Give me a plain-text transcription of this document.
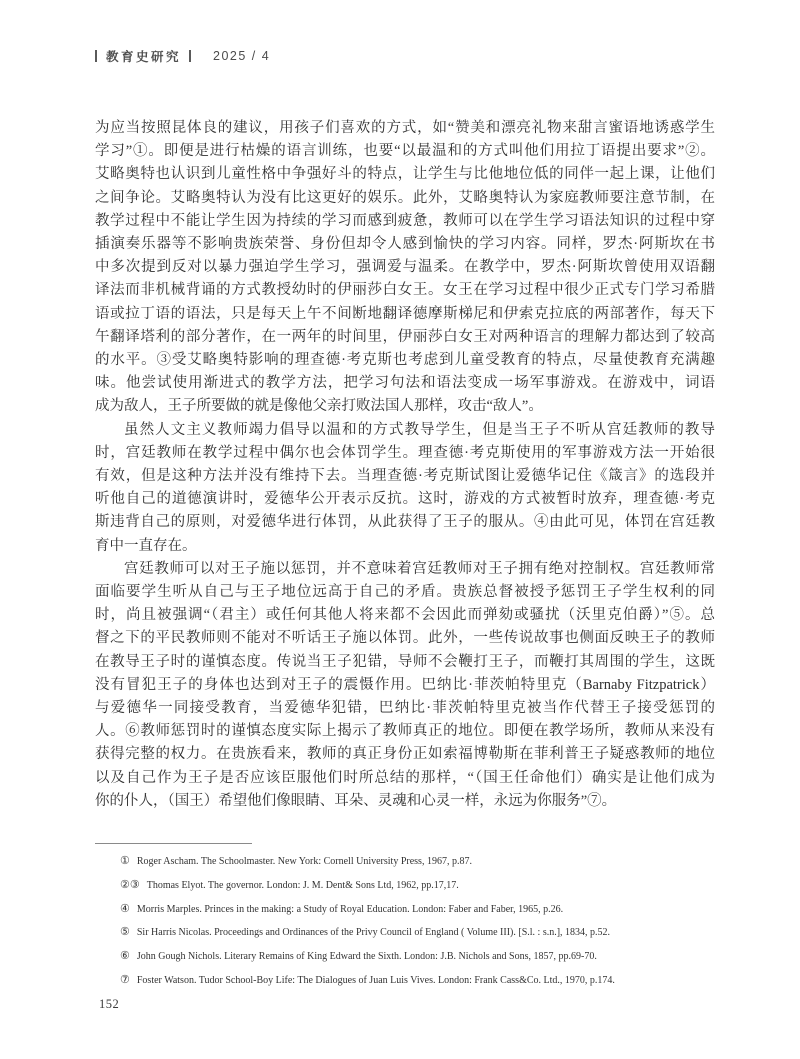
教育史研究	2025 / 4
为应当按照昆体良的建议，用孩子们喜欢的方式，如“赞美和漂亮礼物来甜言蜜语地诱惑学生
学习”①。即便是进行枯燥的语言训练，也要“以最温和的方式叫他们用拉丁语提出要求”②。
艾略奥特也认识到儿童性格中争强好斗的特点，让学生与比他地位低的同伴一起上课，让他们
之间争论。艾略奥特认为没有比这更好的娱乐。此外，艾略奥特认为家庭教师要注意节制，在
教学过程中不能让学生因为持续的学习而感到疲惫，教师可以在学生学习语法知识的过程中穿
插演奏乐器等不影响贵族荣誉、身份但却令人感到愉快的学习内容。同样，罗杰·阿斯坎在书
中多次提到反对以暴力强迫学生学习，强调爱与温柔。在教学中，罗杰·阿斯坎曾使用双语翻
译法而非机械背诵的方式教授幼时的伊丽莎白女王。女王在学习过程中很少正式专门学习希腊
语或拉丁语的语法，只是每天上午不间断地翻译德摩斯梯尼和伊索克拉底的两部著作，每天下
午翻译塔利的部分著作，在一两年的时间里，伊丽莎白女王对两种语言的理解力都达到了较高
的水平。③受艾略奥特影响的理查德·考克斯也考虑到儿童受教育的特点，尽量使教育充满趣
味。他尝试使用渐进式的教学方法，把学习句法和语法变成一场军事游戏。在游戏中，词语
成为敌人，王子所要做的就是像他父亲打败法国人那样，攻击“敌人”。
虽然人文主义教师竭力倡导以温和的方式教导学生，但是当王子不听从宫廷教师的教导
时，宫廷教师在教学过程中偶尔也会体罚学生。理查德·考克斯使用的军事游戏方法一开始很
有效，但是这种方法并没有维持下去。当理查德·考克斯试图让爱德华记住《箴言》的选段并
听他自己的道德演讲时，爱德华公开表示反抗。这时，游戏的方式被暂时放弃，理查德·考克
斯违背自己的原则，对爱德华进行体罚，从此获得了王子的服从。④由此可见，体罚在宫廷教
育中一直存在。
宫廷教师可以对王子施以惩罚，并不意味着宫廷教师对王子拥有绝对控制权。宫廷教师常
面临要学生听从自己与王子地位远高于自己的矛盾。贵族总督被授予惩罚王子学生权利的同
时，尚且被强调“（君主）或任何其他人将来都不会因此而弹劾或骚扰（沃里克伯爵）”⑤。总
督之下的平民教师则不能对不听话王子施以体罚。此外，一些传说故事也侧面反映王子的教师
在教导王子时的谨慎态度。传说当王子犯错，导师不会鞭打王子，而鞭打其周围的学生，这既
没有冒犯王子的身体也达到对王子的震慑作用。巴纳比·菲茨帕特里克（Barnaby Fitzpatrick）
与爱德华一同接受教育，当爱德华犯错，巴纳比·菲茨帕特里克被当作代替王子接受惩罚的
人。⑥教师惩罚时的谨慎态度实际上揭示了教师真正的地位。即便在教学场所，教师从来没有
获得完整的权力。在贵族看来，教师的真正身份正如索福博勒斯在菲利普王子疑惑教师的地位
以及自己作为王子是否应该臣服他们时所总结的那样，“（国王任命他们）确实是让他们成为
你的仆人，（国王）希望他们像眼睛、耳朵、灵魂和心灵一样，永远为你服务”⑦。
① Roger Ascham. The Schoolmaster. New York: Cornell University Press, 1967, p.87.
②③ Thomas Elyot. The governor. London: J. M. Dent& Sons Ltd, 1962, pp.17,17.
④ Morris Marples. Princes in the making: a Study of Royal Education. London: Faber and Faber, 1965, p.26.
⑤ Sir Harris Nicolas. Proceedings and Ordinances of the Privy Council of England ( Volume III). [S.l. : s.n.], 1834, p.52.
⑥ John Gough Nichols. Literary Remains of King Edward the Sixth. London: J.B. Nichols and Sons, 1857, pp.69-70.
⑦ Foster Watson. Tudor School-Boy Life: The Dialogues of Juan Luis Vives. London: Frank Cass&Co. Ltd., 1970, p.174.
152
